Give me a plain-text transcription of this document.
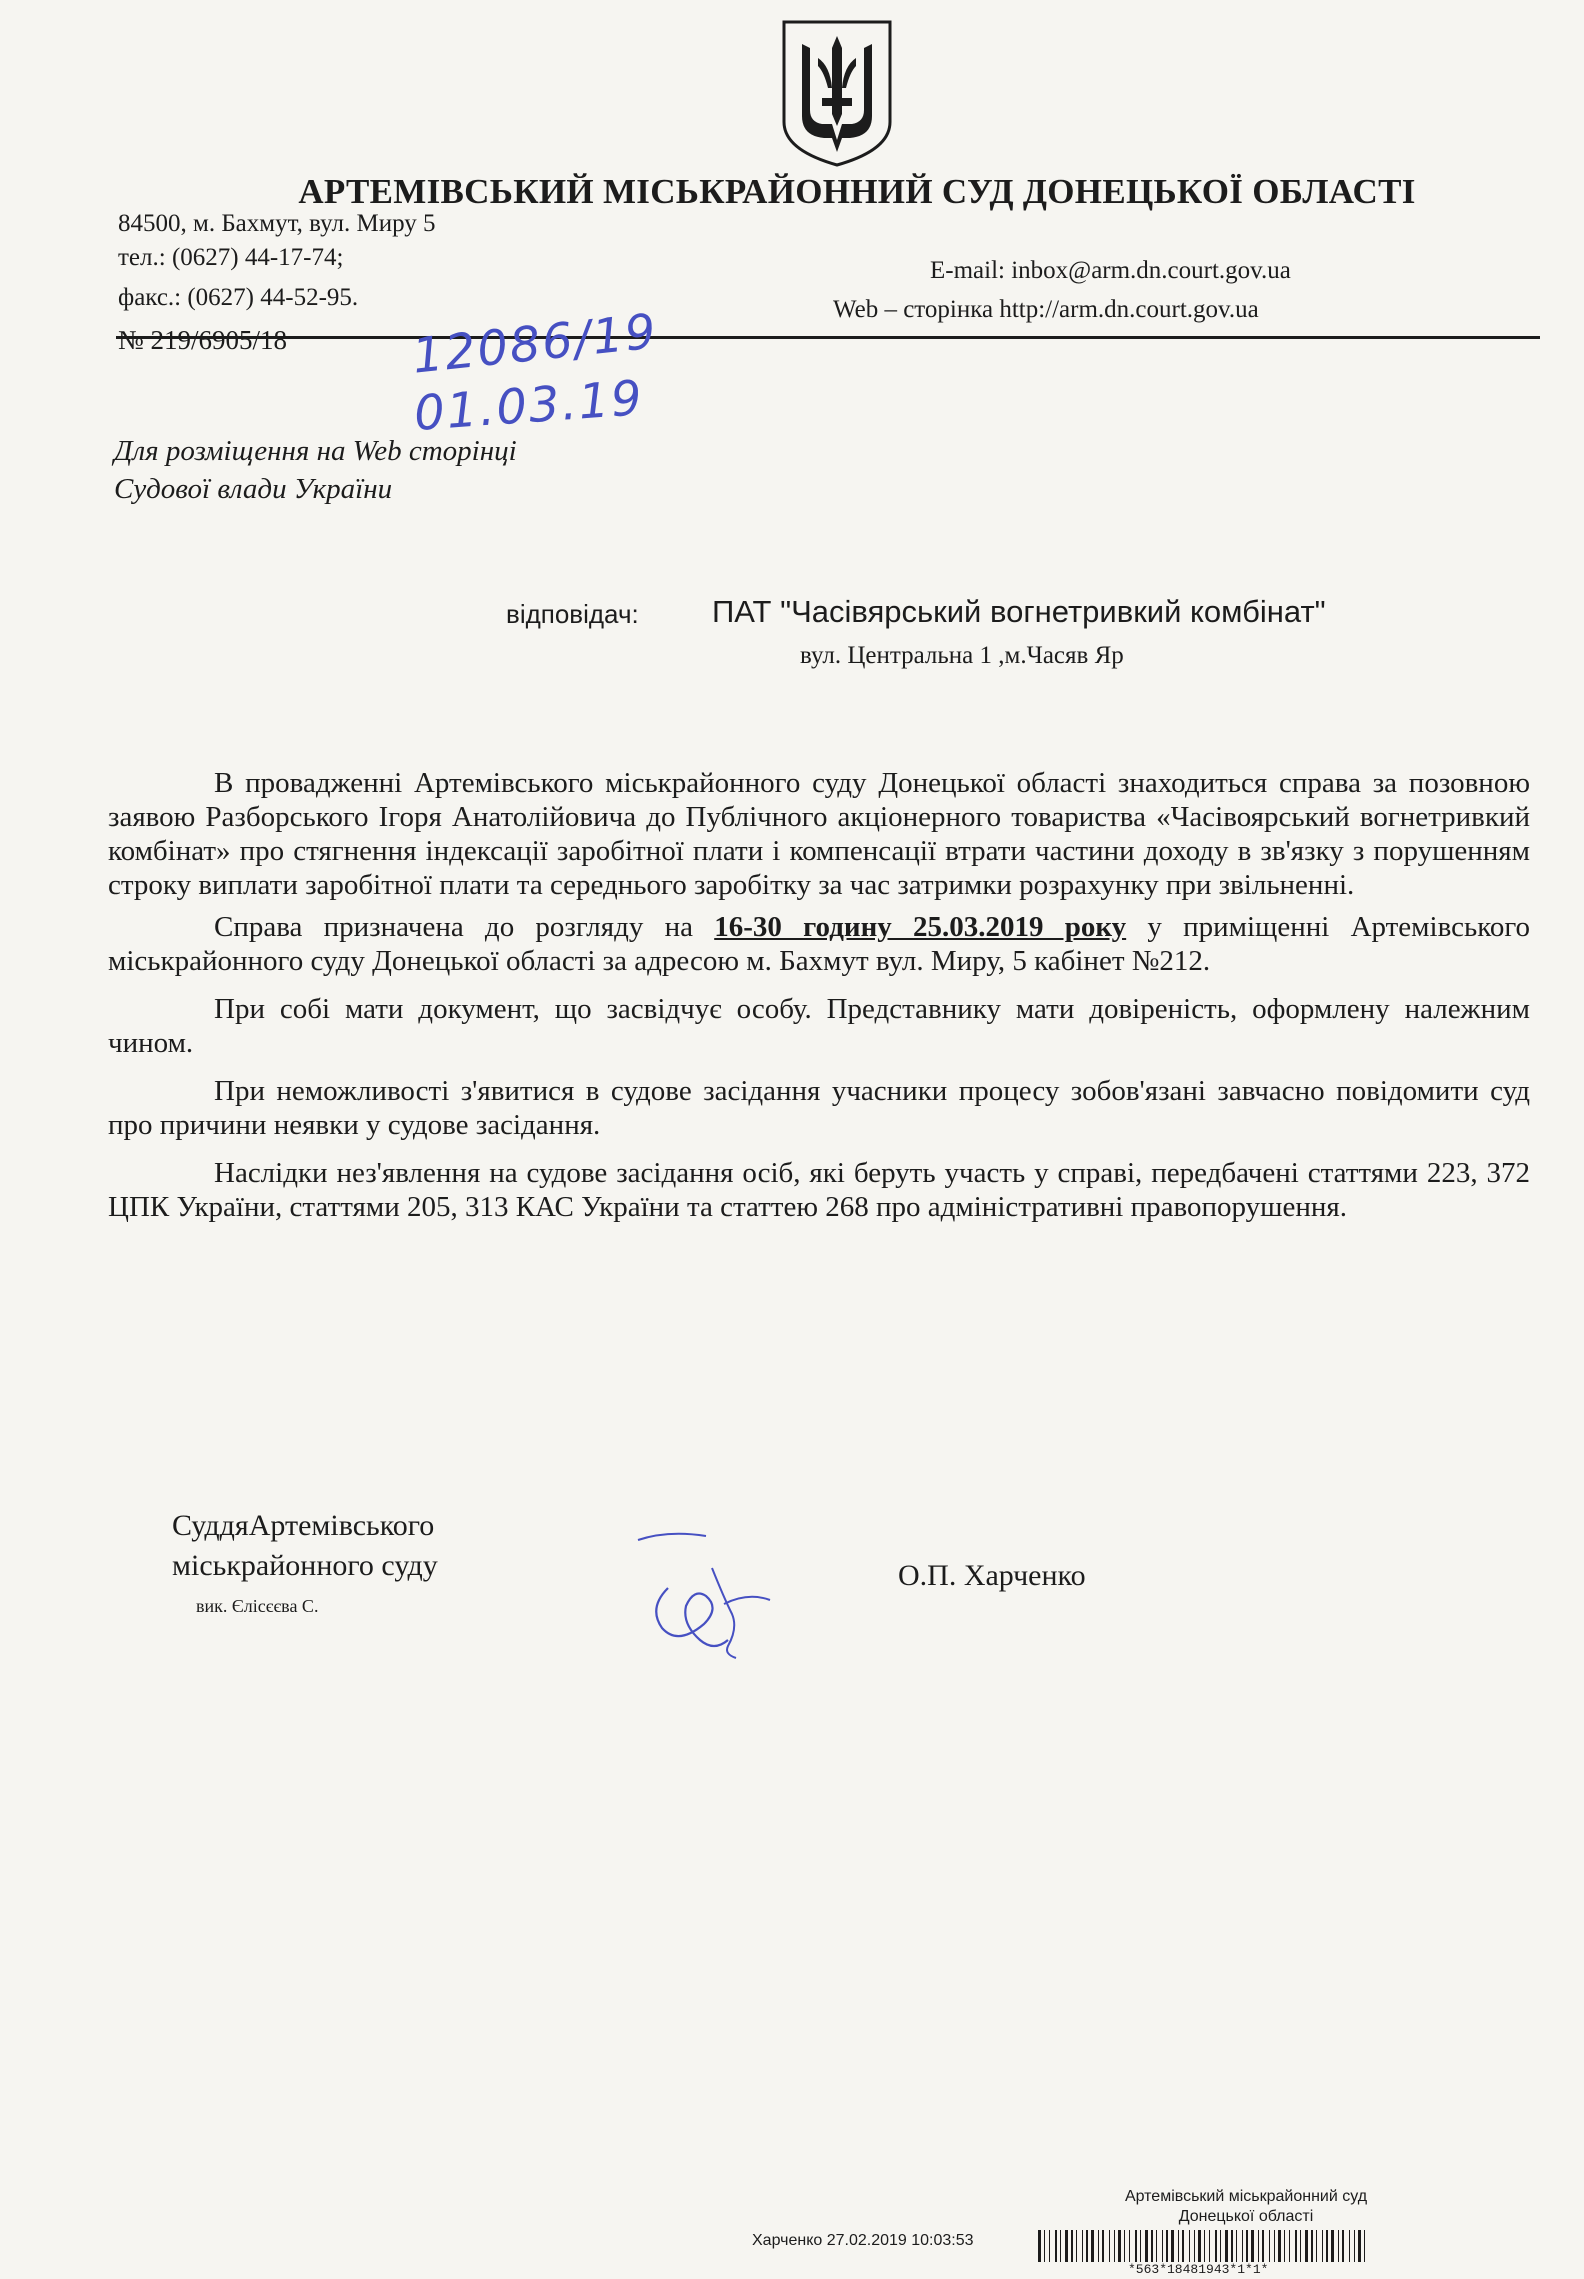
АРТЕМІВСЬКИЙ МІСЬКРАЙОННИЙ СУД ДОНЕЦЬКОЇ ОБЛАСТІ
84500, м. Бахмут, вул. Миру 5
тел.: (0627) 44-17-74;
факс.: (0627) 44-52-95.
E-mail: inbox@arm.dn.court.gov.ua
Web – сторінка http://arm.dn.court.gov.ua
№ 219/6905/18	12086/19
01.03.19
Для розміщення на Web сторінці
Судової влади України
відповідач: ПАТ "Часівярський вогнетривкий комбінат"
вул. Центральна 1 ,м.Часяв Яр

В провадженні Артемівського міськрайонного суду Донецької області знаходиться справа за позовною заявою Разборського Ігоря Анатолійовича до Публічного акціонерного товариства «Часівоярський вогнетривкий комбінат» про стягнення індексації заробітної плати і компенсації втрати частини доходу в зв'язку з порушенням строку виплати заробітної плати та середнього заробітку за час затримки розрахунку при звільненні.

Справа призначена до розгляду на 16-30 годину 25.03.2019 року у приміщенні Артемівського міськрайонного суду Донецької області за адресою м. Бахмут вул. Миру, 5 кабінет №212.

При собі мати документ, що засвідчує особу. Представнику мати довіреність, оформлену належним чином.

При неможливості з'явитися в судове засідання учасники процесу зобов'язані завчасно повідомити суд про причини неявки у судове засідання.

Наслідки нез'явлення на судове засідання осіб, які беруть участь у справі, передбачені статтями 223, 372 ЦПК України, статтями 205, 313 КАС України та статтею 268 про адміністративні правопорушення.

СуддяАртемівського
міськрайонного суду
вик. Єлісєєва С.
О.П. Харченко
Артемівський міськрайонний суд
Донецької області
Харченко 27.02.2019 10:03:53
*563*18481943*1*1*
